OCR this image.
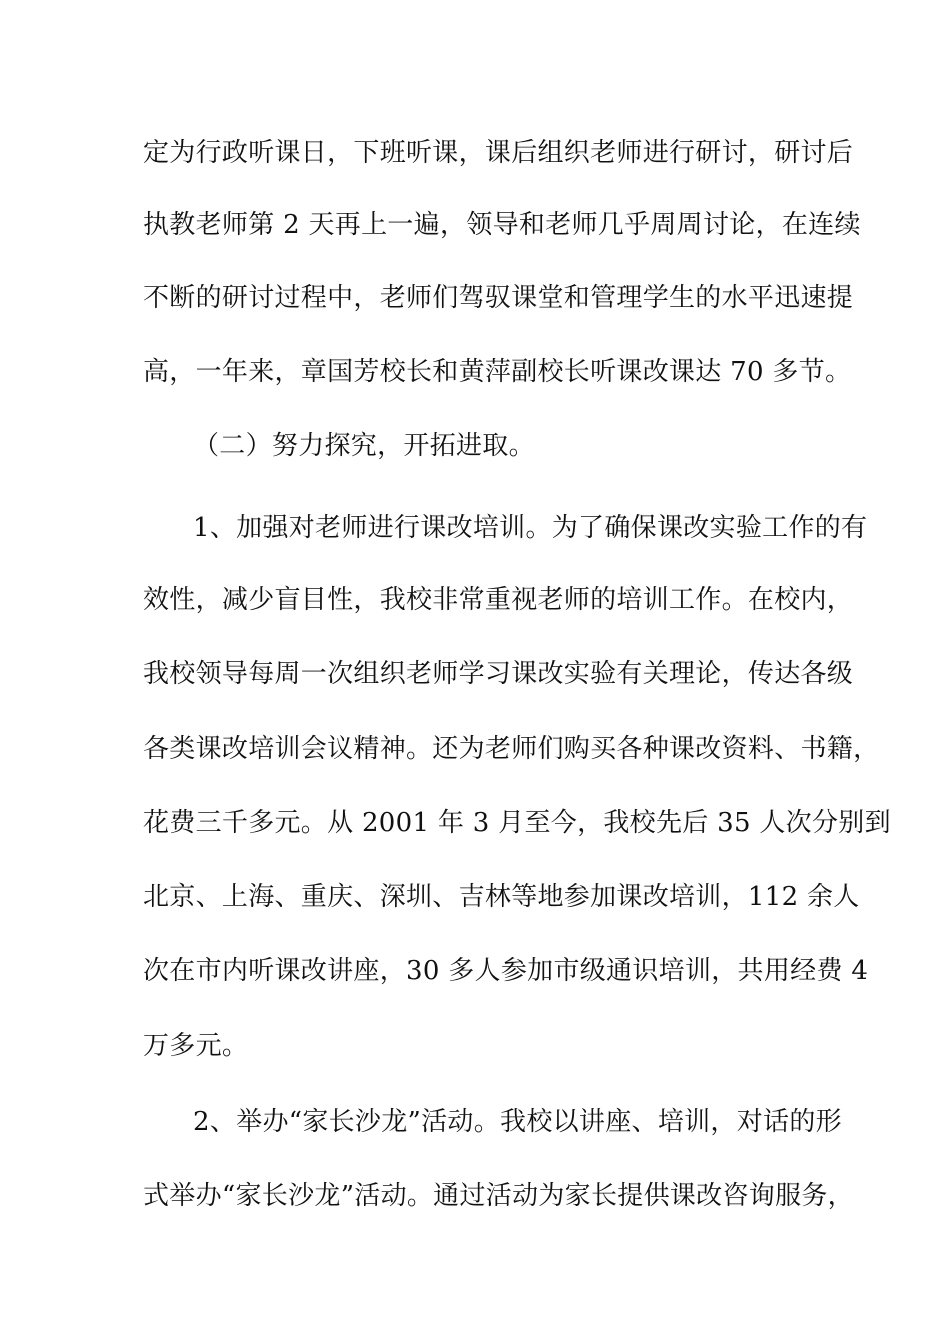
定为行政听课日，下班听课，课后组织老师进行研讨，研讨后
执教老师第 2 天再上一遍，领导和老师几乎周周讨论，在连续
不断的研讨过程中，老师们驾驭课堂和管理学生的水平迅速提
高，一年来，章国芳校长和黄萍副校长听课改课达 70 多节。
（二）努力探究，开拓进取。
1、加强对老师进行课改培训。为了确保课改实验工作的有
效性，减少盲目性，我校非常重视老师的培训工作。在校内，
我校领导每周一次组织老师学习课改实验有关理论，传达各级
各类课改培训会议精神。还为老师们购买各种课改资料、书籍，
花费三千多元。从 2001 年 3 月至今，我校先后 35 人次分别到
北京、上海、重庆、深圳、吉林等地参加课改培训，112 余人
次在市内听课改讲座，30 多人参加市级通识培训，共用经费 4
万多元。
2、举办“家长沙龙”活动。我校以讲座、培训，对话的形
式举办“家长沙龙”活动。通过活动为家长提供课改咨询服务，
